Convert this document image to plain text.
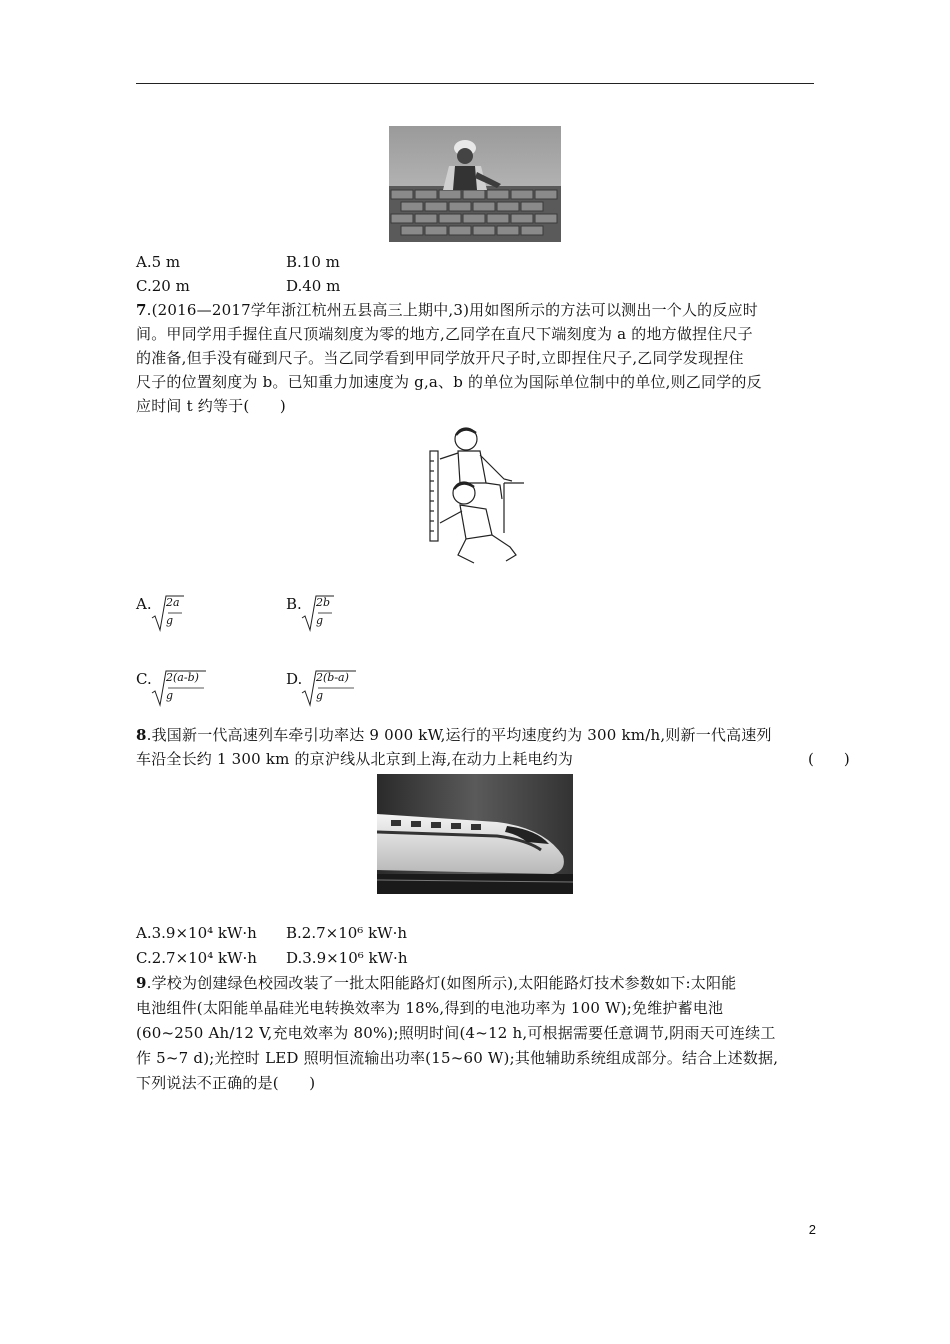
A.5 m	B.10 m
C.20 m	D.40 m
7.(2016—2017学年浙江杭州五县高三上期中,3)用如图所示的方法可以测出一个人的反应时
间。甲同学用手握住直尺顶端刻度为零的地方,乙同学在直尺下端刻度为 a 的地方做捏住尺子
的准备,但手没有碰到尺子。当乙同学看到甲同学放开尺子时,立即捏住尺子,乙同学发现捏住
尺子的位置刻度为 b。已知重力加速度为 g,a、b 的单位为国际单位制中的单位,则乙同学的反
应时间 t 约等于(　　)
A. 2a
g
B. 2b
g
C. 2(a-b)
g
D. 2(b-a)
g
8.我国新一代高速列车牵引功率达 9 000 kW,运行的平均速度约为 300 km/h,则新一代高速列
车沿全长约 1 300 km 的京沪线从北京到上海,在动力上耗电约为	(　　)
A.3.9×10⁴ kW·h B.2.7×10⁶ kW·h
C.2.7×10⁴ kW·h D.3.9×10⁶ kW·h
9.学校为创建绿色校园改装了一批太阳能路灯(如图所示),太阳能路灯技术参数如下:太阳能
电池组件(太阳能单晶硅光电转换效率为 18%,得到的电池功率为 100 W);免维护蓄电池
(60~250 Ah/12 V,充电效率为 80%);照明时间(4~12 h,可根据需要任意调节,阴雨天可连续工
作 5~7 d);光控时 LED 照明恒流输出功率(15~60 W);其他辅助系统组成部分。结合上述数据,
下列说法不正确的是(　　)
2
